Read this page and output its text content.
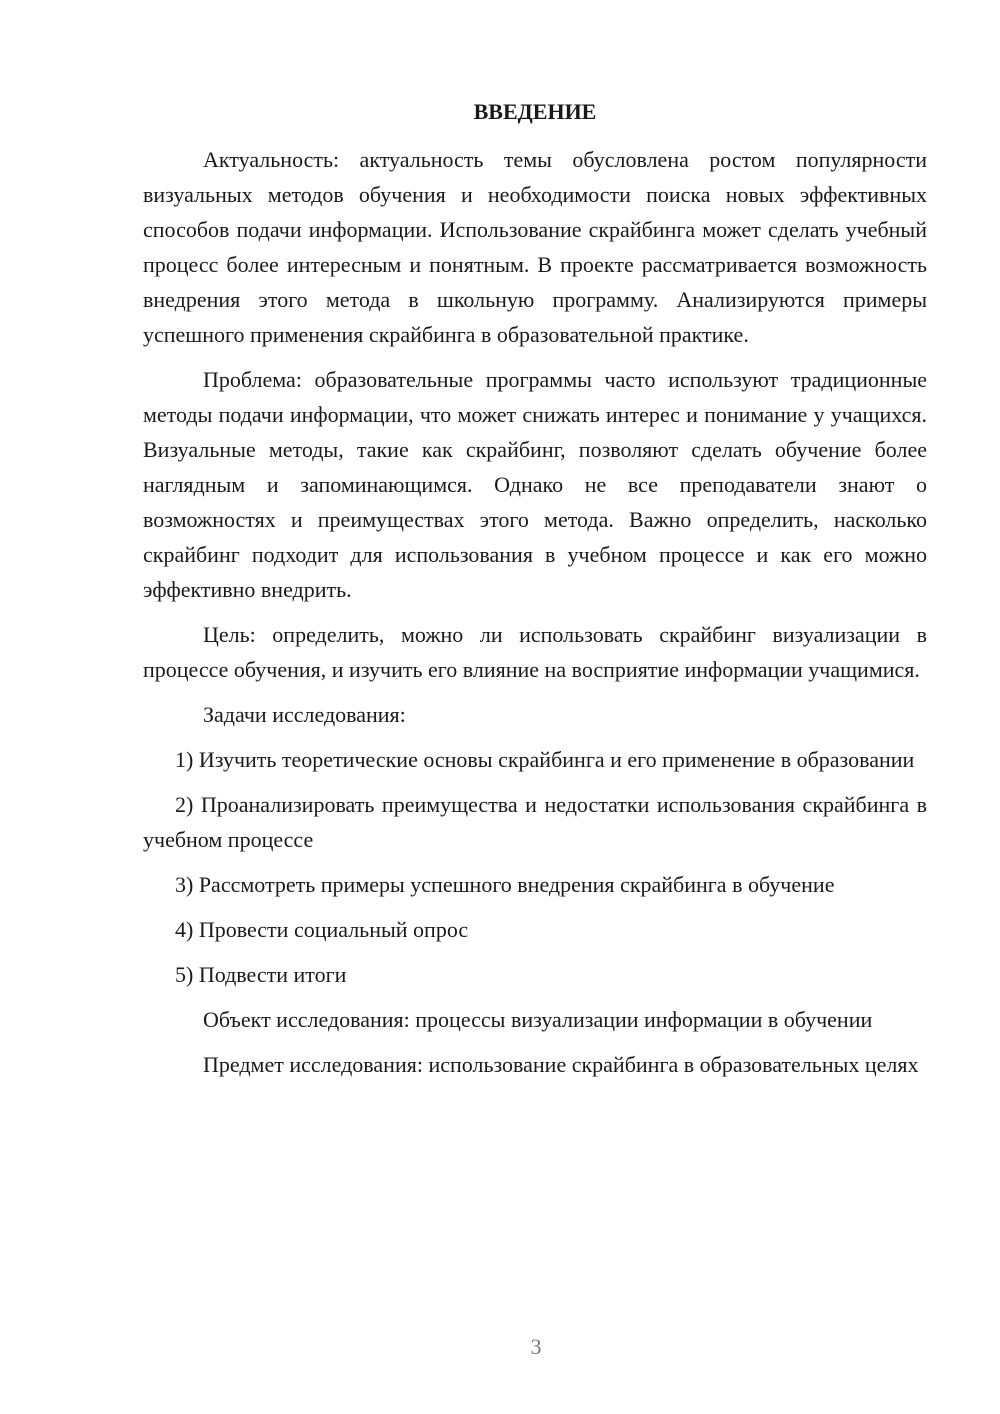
ВВЕДЕНИЕ

Актуальность: актуальность темы обусловлена ростом популярности визуальных методов обучения и необходимости поиска новых эффективных способов подачи информации. Использование скрайбинга может сделать учебный процесс более интересным и понятным. В проекте рассматривается возможность внедрения этого метода в школьную программу. Анализируются примеры успешного применения скрайбинга в образовательной практике.

Проблема: образовательные программы часто используют традиционные методы подачи информации, что может снижать интерес и понимание у учащихся. Визуальные методы, такие как скрайбинг, позволяют сделать обучение более наглядным и запоминающимся. Однако не все преподаватели знают о возможностях и преимуществах этого метода. Важно определить, насколько скрайбинг подходит для использования в учебном процессе и как его можно эффективно внедрить.

Цель: определить, можно ли использовать скрайбинг визуализации в процессе обучения, и изучить его влияние на восприятие информации учащимися.

Задачи исследования:

1) Изучить теоретические основы скрайбинга и его применение в образовании

2) Проанализировать преимущества и недостатки использования скрайбинга в учебном процессе

3) Рассмотреть примеры успешного внедрения скрайбинга в обучение

4) Провести социальный опрос

5) Подвести итоги

Объект исследования: процессы визуализации информации в обучении

Предмет исследования: использование скрайбинга в образовательных целях

3
